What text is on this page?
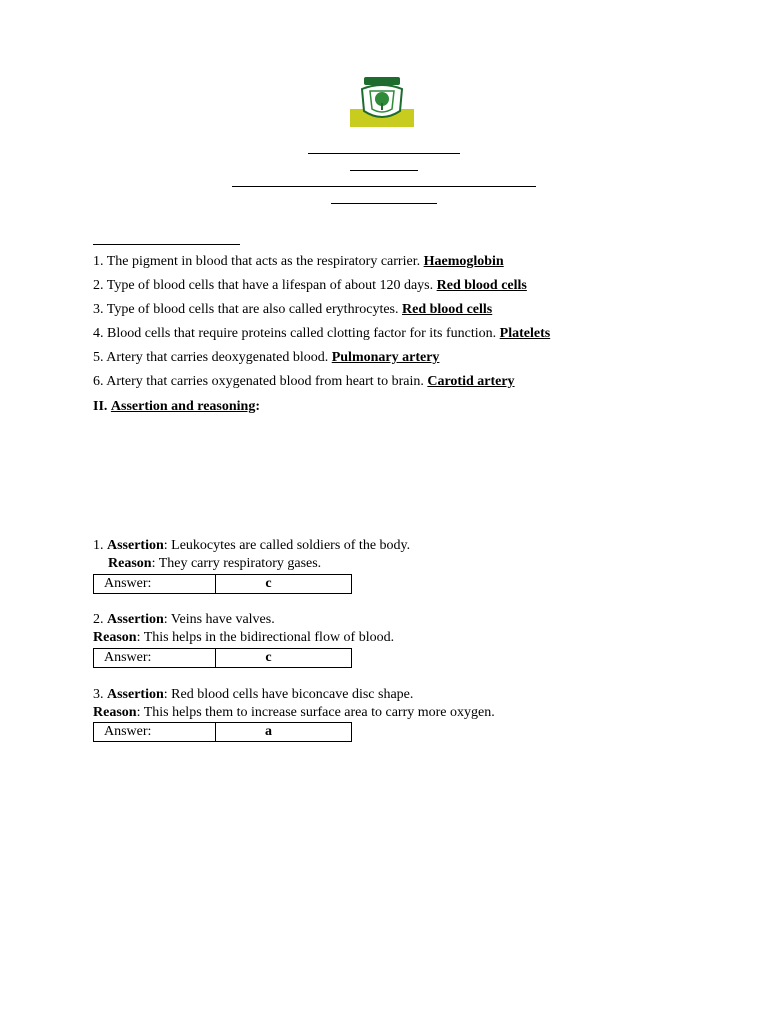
1. The pigment in blood that acts as the respiratory carrier. Haemoglobin
2. Type of blood cells that have a lifespan of about 120 days. Red blood cells
3. Type of blood cells that are also called erythrocytes. Red blood cells
4. Blood cells that require proteins called clotting factor for its function. Platelets
5. Artery that carries deoxygenated blood. Pulmonary artery
6. Artery that carries oxygenated blood from heart to brain. Carotid artery
II. Assertion and reasoning:
1. Assertion: Leukocytes are called soldiers of the body.
Reason: They carry respiratory gases.
Answer:	c
2. Assertion: Veins have valves.
Reason: This helps in the bidirectional flow of blood.
Answer:	c
3. Assertion: Red blood cells have biconcave disc shape.
Reason: This helps them to increase surface area to carry more oxygen.
Answer:	a
